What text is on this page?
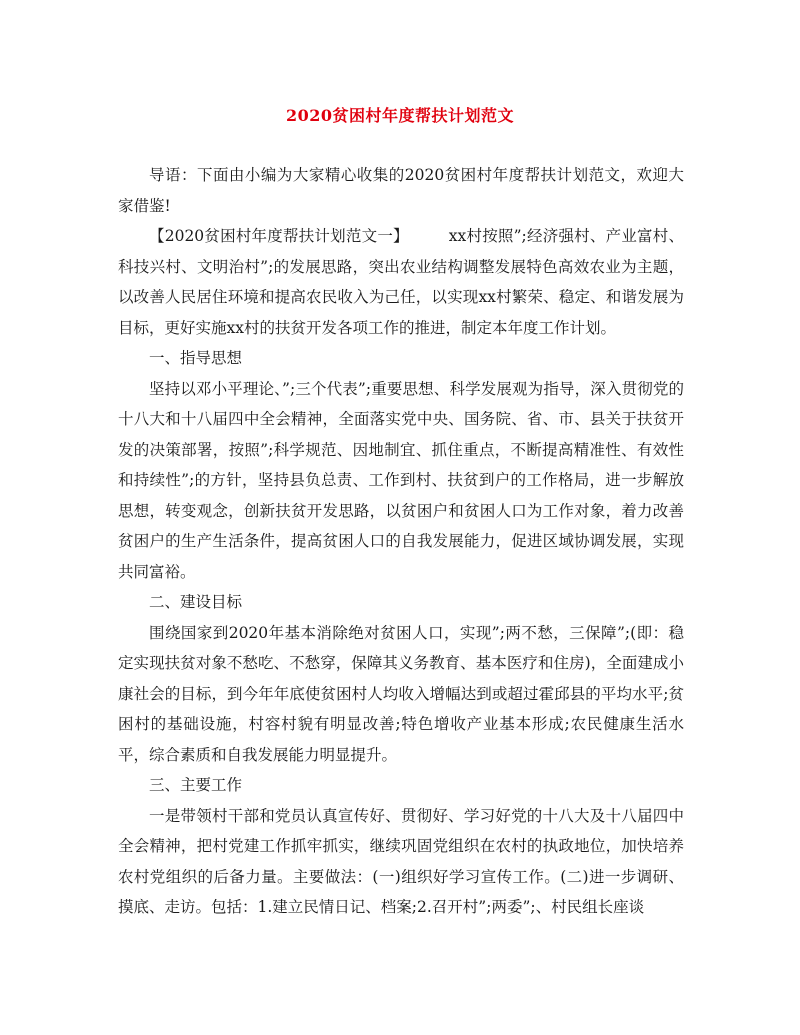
2020贫困村年度帮扶计划范文

导语：下面由小编为大家精心收集的2020贫困村年度帮扶计划范文，欢迎大家借鉴!

【2020贫困村年度帮扶计划范文一】	xx村按照”;经济强村、产业富村、科技兴村、文明治村”;的发展思路，突出农业结构调整发展特色高效农业为主题，以改善人民居住环境和提高农民收入为己任，以实现xx村繁荣、稳定、和谐发展为目标，更好实施xx村的扶贫开发各项工作的推进，制定本年度工作计划。

一、指导思想

坚持以邓小平理论、”;三个代表”;重要思想、科学发展观为指导，深入贯彻党的十八大和十八届四中全会精神，全面落实党中央、国务院、省、市、县关于扶贫开发的决策部署，按照”;科学规范、因地制宜、抓住重点，不断提高精准性、有效性和持续性”;的方针，坚持县负总责、工作到村、扶贫到户的工作格局，进一步解放思想，转变观念，创新扶贫开发思路，以贫困户和贫困人口为工作对象，着力改善贫困户的生产生活条件，提高贫困人口的自我发展能力，促进区域协调发展，实现共同富裕。

二、建设目标

围绕国家到2020年基本消除绝对贫困人口，实现”;两不愁，三保障”;(即：稳定实现扶贫对象不愁吃、不愁穿，保障其义务教育、基本医疗和住房)，全面建成小康社会的目标，到今年年底使贫困村人均收入增幅达到或超过霍邱县的平均水平;贫困村的基础设施，村容村貌有明显改善;特色增收产业基本形成;农民健康生活水平，综合素质和自我发展能力明显提升。

三、主要工作

一是带领村干部和党员认真宣传好、贯彻好、学习好党的十八大及十八届四中全会精神，把村党建工作抓牢抓实，继续巩固党组织在农村的执政地位，加快培养农村党组织的后备力量。主要做法：(一)组织好学习宣传工作。(二)进一步调研、摸底、走访。包括：1.建立民情日记、档案;2.召开村”;两委”;、村民组长座谈
